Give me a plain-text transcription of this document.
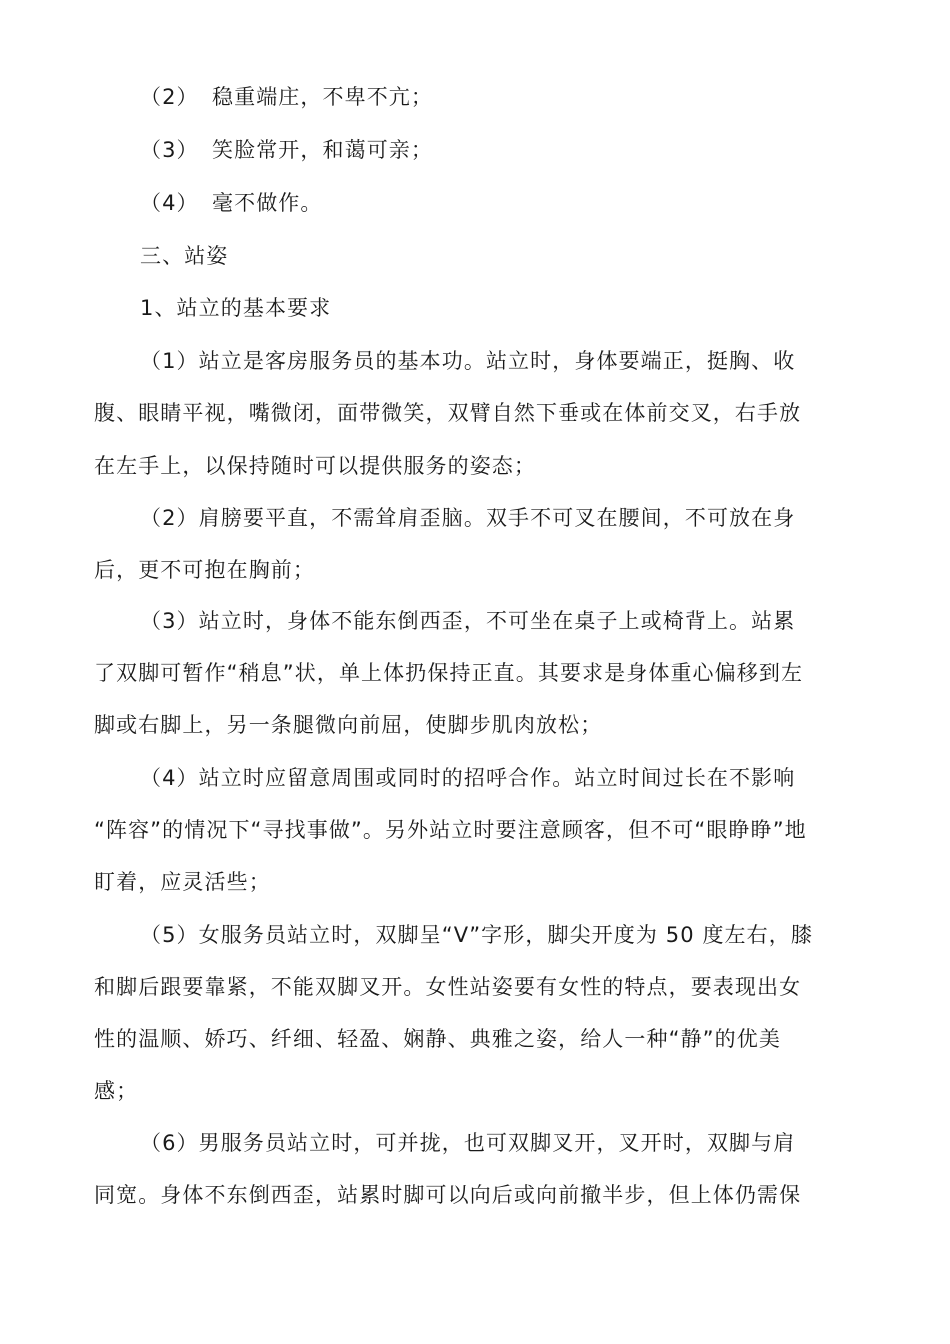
（2） 稳重端庄，不卑不亢；
（3） 笑脸常开，和蔼可亲；
（4） 毫不做作。
三、站姿
1、站立的基本要求
（1）站立是客房服务员的基本功。站立时，身体要端正，挺胸、收
腹、眼睛平视，嘴微闭，面带微笑，双臂自然下垂或在体前交叉，右手放
在左手上，以保持随时可以提供服务的姿态；
（2）肩膀要平直，不需耸肩歪脑。双手不可叉在腰间，不可放在身
后，更不可抱在胸前；
（3）站立时，身体不能东倒西歪，不可坐在桌子上或椅背上。站累
了双脚可暂作“稍息”状，单上体扔保持正直。其要求是身体重心偏移到左
脚或右脚上，另一条腿微向前屈，使脚步肌肉放松；
（4）站立时应留意周围或同时的招呼合作。站立时间过长在不影响
“阵容”的情况下“寻找事做”。另外站立时要注意顾客，但不可“眼睁睁”地
盯着，应灵活些；
（5）女服务员站立时，双脚呈“V”字形，脚尖开度为 50 度左右，膝
和脚后跟要靠紧，不能双脚叉开。女性站姿要有女性的特点，要表现出女
性的温顺、娇巧、纤细、轻盈、娴静、典雅之姿，给人一种“静”的优美
感；
（6）男服务员站立时，可并拢，也可双脚叉开，叉开时，双脚与肩
同宽。身体不东倒西歪，站累时脚可以向后或向前撤半步，但上体仍需保
